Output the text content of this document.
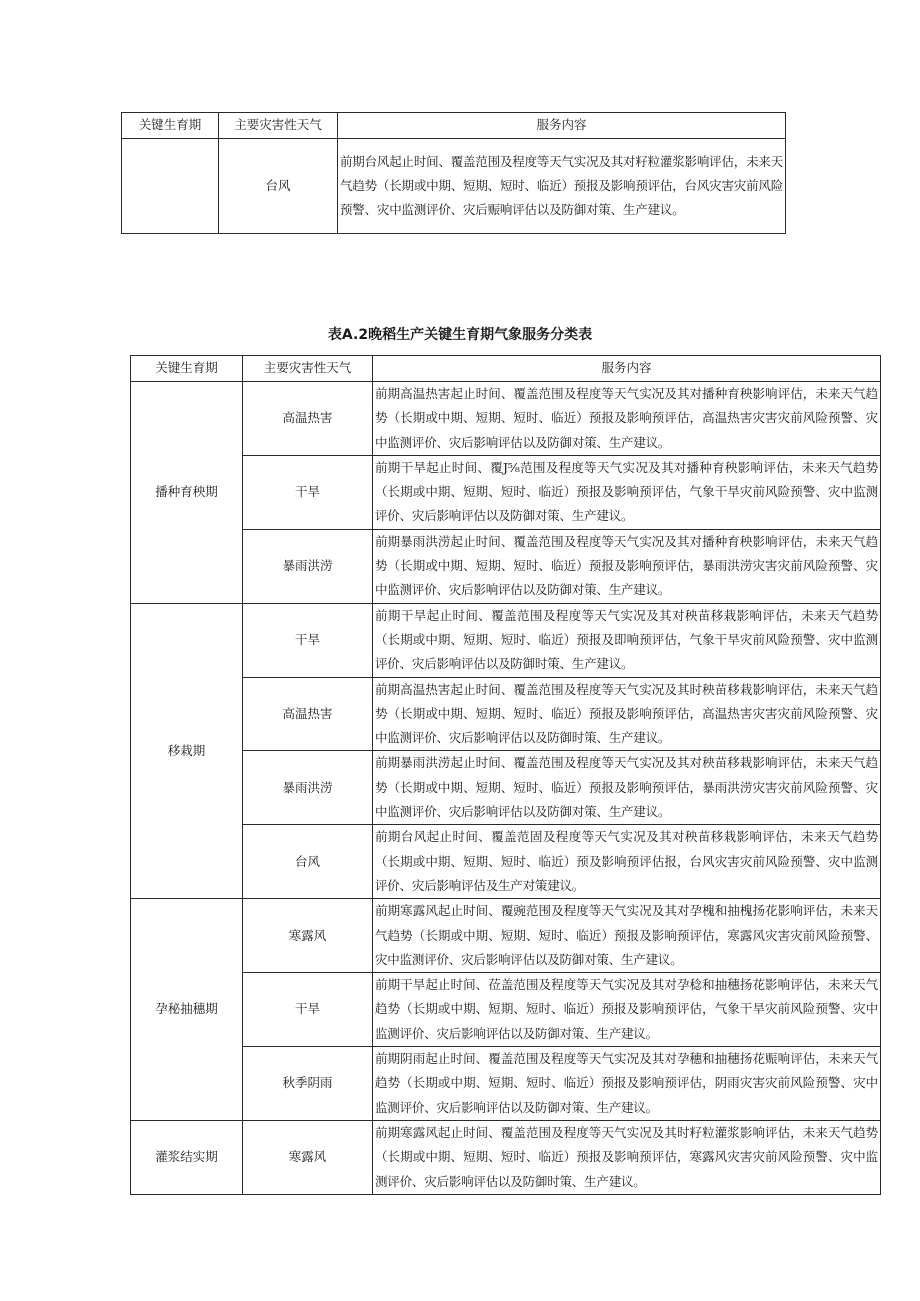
关键生育期	主要灾害性天气	服务内容
	台风	前期台风起止时间、覆盖范围及程度等天气实况及其对籽粒灌浆影响评估，未来天气趋势（长期或中期、短期、短时、临近）预报及影响预评估，台风灾害灾前风险预警、灾中监测评价、灾后赈响评估以及防御对策、生产建议。
表A.2晚稻生产关键生育期气象服务分类表
关键生育期	主要灾害性天气	服务内容
播种育秧期	高温热害	前期高温热害起止时间、覆盖范围及程度等天气实况及其对播种育秧影响评估，未来天气趋势（长期或中期、短期、短时、临近）预报及影响预评估，高温热害灾害灾前风险预警、灾中监测评价、灾后影响评估以及防御对策、生产建议。
	干旱	前期干旱起止时间、覆J⅝范围及程度等天气实况及其对播种育秧影响评估，未来天气趋势（长期或中期、短期、短时、临近）预报及影响预评估，气象干旱灾前风险预警、灾中监测评价、灾后影响评估以及防御对策、生产建议。
	暴雨洪涝	前期暴雨洪涝起止时间、覆盖范围及程度等天气实况及其对播种育秧影响评估，未来天气趋势（长期或中期、短期、短时、临近）预报及影响预评估，暴雨洪涝灾害灾前风险预警、灾中监测评价、灾后影响评估以及防御对策、生产建议。
移栽期	干旱	前期干旱起止时间、覆盖范围及程度等天气实况及其对秧苗移栽影响评估，未来天气趋势（长期或中期、短期、短时、临近）预报及即响预评估，气象干旱灾前风险预警、灾中监测评价、灾后影响评估以及防御时策、生产建议。
	高温热害	前期高温热害起止时间、覆盖范围及程度等天气实况及其时秧苗移栽影响评估，未来天气趋势（长期或中期、短期、短时、临近）预报及影响预评估，高温热害灾害灾前风险预警、灾中监测评价、灾后影响评估以及防御时策、生产建议。
	暴雨洪涝	前期暴雨洪涝起止时间、覆盖范围及程度等天气实况及其对秧苗移栽影响评估，未来天气趋势（长期或中期、短期、短时、临近）预报及影响预评估，暴雨洪涝灾害灾前风险预警、灾中监测评价、灾后影响评估以及防御对策、生产建议。
	台风	前期台风起止时间、覆盖范固及程度等天气实况及其对秧苗移栽影响评估，未来天气趋势（长期或中期、短期、短时、临近）预及影响预评估报，台风灾害灾前风险预警、灾中监测评价、灾后影响评估及生产对策建议。
孕秘抽穗期	寒露风	前期寒露风起止时间、覆豌范围及程度等天气实况及其对孕槐和抽槐扬花影响评估，未来天气趋势（长期或中期、短期、短时、临近）预报及影响预评估，寒露风灾害灾前风险预警、灾中监测评价、灾后影响评估以及防御对策、生产建议。
	干旱	前期干旱起止时间、莅盖范围及程度等天气实况及其对孕稔和抽穗扬花影响评估，未来天气趋势（长期或中期、短期、短时、临近）预报及影响预评估，气象干旱灾前风险预警、灾中监测评价、灾后影响评估以及防御对策、生产建议。
	秋季阴雨	前期阴雨起止时间、覆盖范围及程度等天气实况及其对孕穗和抽穗扬花赈响评估，未来天气趋势（长期或中期、短期、短时、临近）预报及影响预评估，阴雨灾害灾前风险预警、灾中监测评价、灾后影响评估以及防御对策、生产建议。
灌浆结实期	寒露风	前期寒露风起止时间、覆盖范围及程度等天气实况及其时籽粒灌浆影响评估，未来天气趋势（长期或中期、短期、短时、临近）预报及影响预评估，寒露风灾害灾前风险预警、灾中监测评价、灾后影响评估以及防御时策、生产建议。
